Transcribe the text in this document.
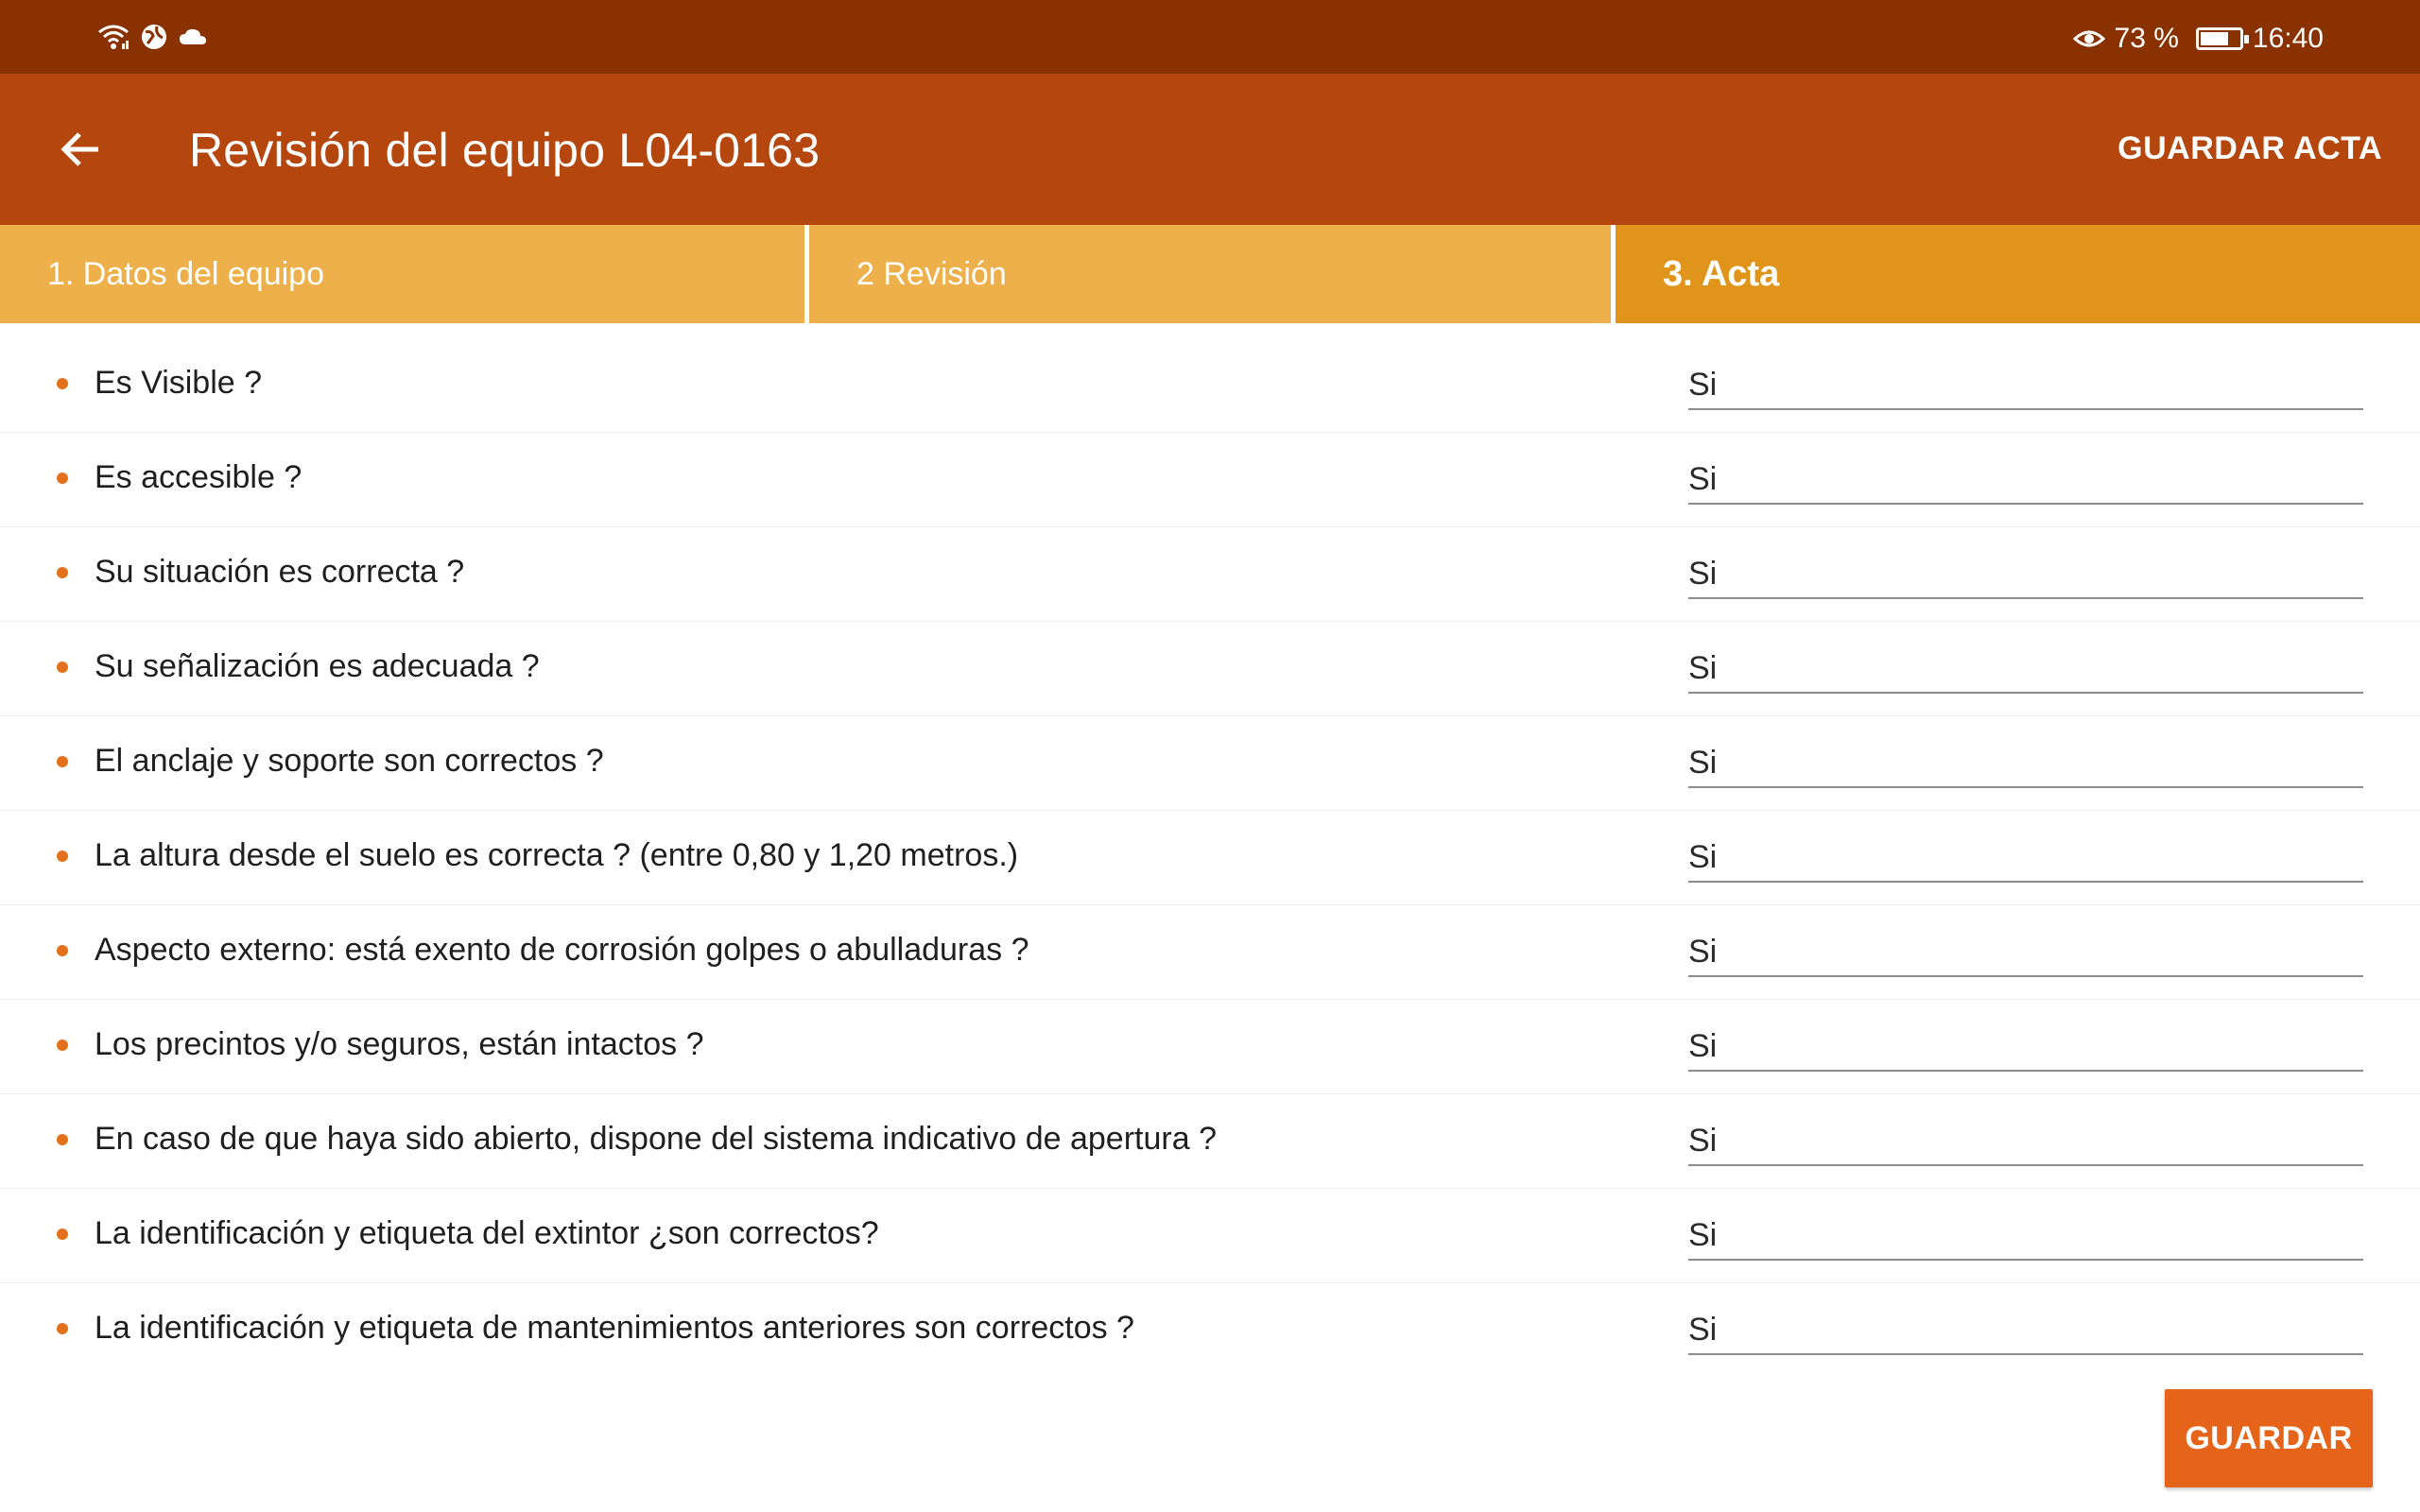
73 %	16:40
Revisión del equipo L04-0163	GUARDAR ACTA
1. Datos del equipo	2 Revisión	3. Acta
Es Visible ?	Si
Es accesible ?	Si
Su situación es correcta ?	Si
Su señalización es adecuada ?	Si
El anclaje y soporte son correctos ?	Si
La altura desde el suelo es correcta ? (entre 0,80 y 1,20 metros.)	Si
Aspecto externo: está exento de corrosión golpes o abulladuras ?	Si
Los precintos y/o seguros, están intactos ?	Si
En caso de que haya sido abierto, dispone del sistema indicativo de apertura ?	Si
La identificación y etiqueta del extintor ¿son correctos?	Si
La identificación y etiqueta de mantenimientos anteriores son correctos ?	Si
GUARDAR
